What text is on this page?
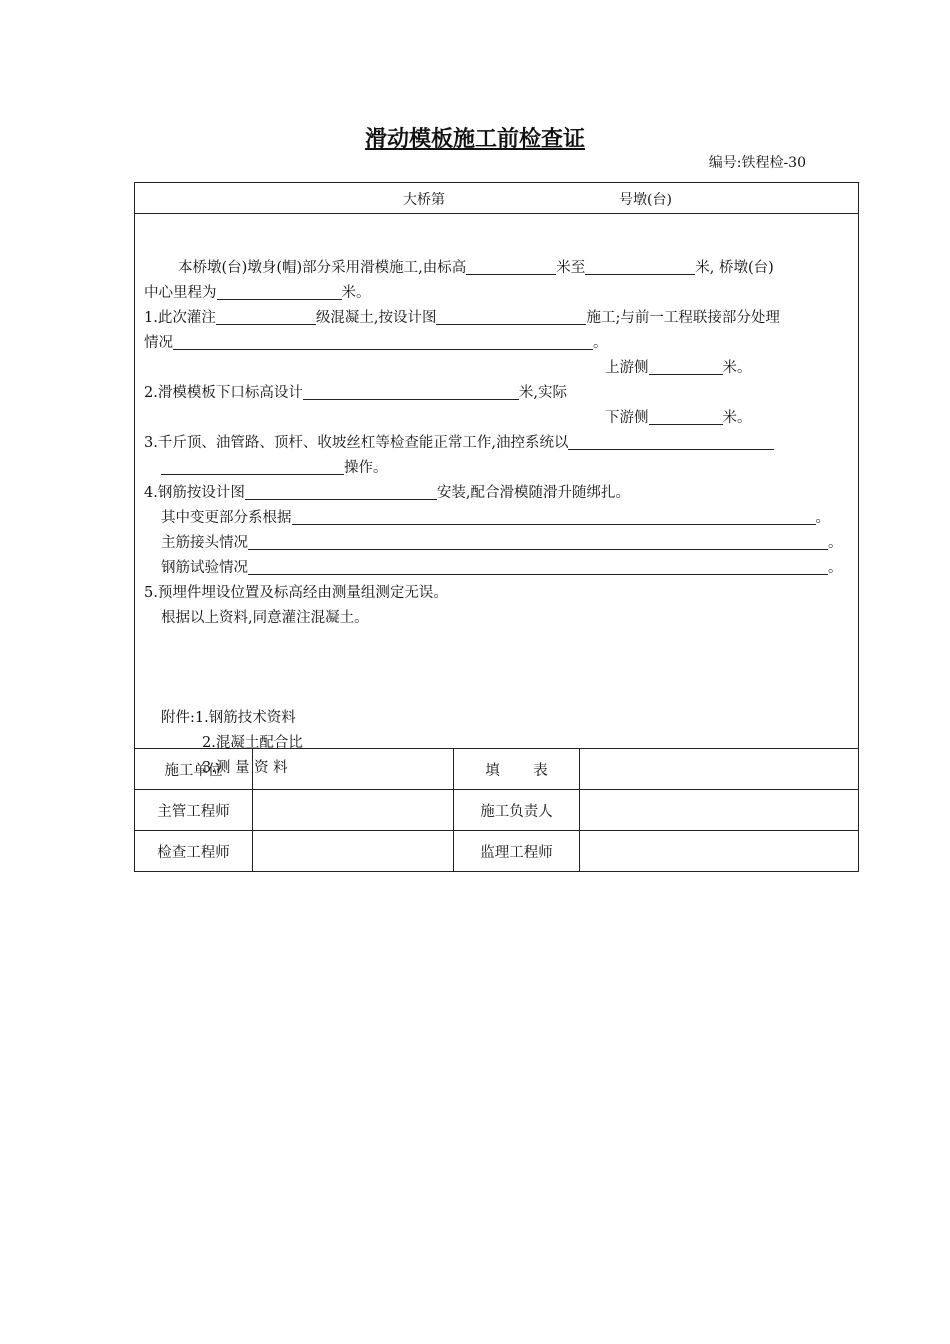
滑动模板施工前检查证
编号:铁程检-30
大桥第	号墩(台)
本桥墩(台)墩身(帽)部分采用滑模施工,由标高	米至	米, 桥墩(台)
中心里程为	米。
1.此次灌注	级混凝土,按设计图	施工;与前一工程联接部分处理
情况	。
上游侧	米。
2.滑模模板下口标高设计	米,实际
下游侧	米。
3.千斤顶、油管路、顶杆、收坡丝杠等检查能正常工作,油控系统以
操作。
4.钢筋按设计图	安装,配合滑模随滑升随绑扎。
其中变更部分系根据	。
主筋接头情况	。
钢筋试验情况	。
5.预埋件埋设位置及标高经由测量组测定无误。
根据以上资料,同意灌注混凝土。
附件:1.钢筋技术资料
2.混凝土配合比
3.测 量 资 料
施工单位		填　　 表	
主管工程师		施工负责人	
检查工程师		监理工程师	
